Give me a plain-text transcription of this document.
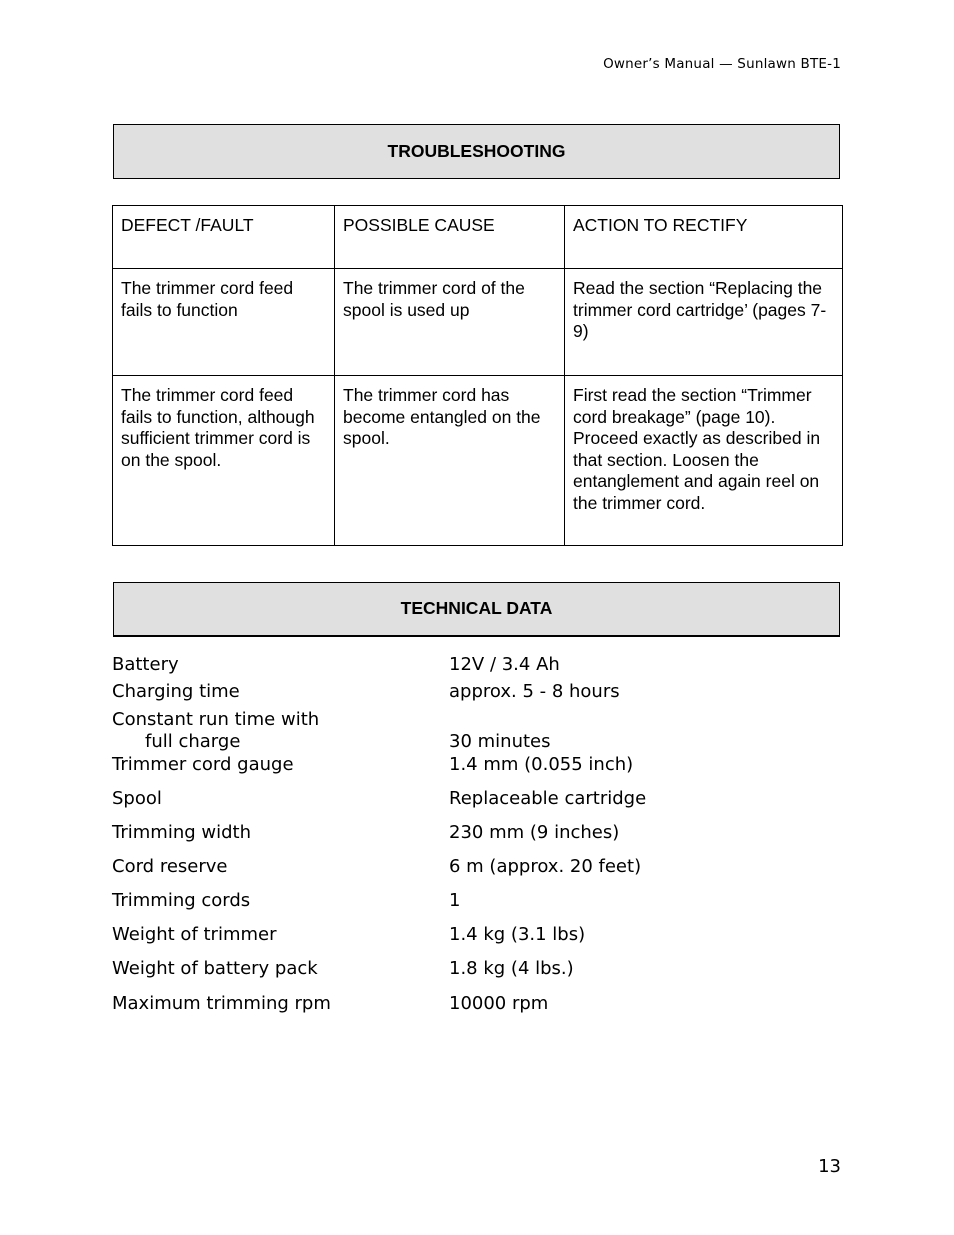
Owner’s Manual — Sunlawn BTE-1
TROUBLESHOOTING
DEFECT /FAULT	POSSIBLE CAUSE	ACTION TO RECTIFY
The trimmer cord feed fails to function	The trimmer cord of the spool is used up	Read the section “Replacing the trimmer cord cartridge’ (pages 7-9)
The trimmer cord feed fails to function, although sufficient trimmer cord is on the spool.	The trimmer cord has become entangled on the spool.	First read the section “Trimmer cord breakage” (page 10). Proceed exactly as described in that section. Loosen the entanglement and again reel on the trimmer cord.
TECHNICAL DATA
Battery	12V / 3.4 Ah
Charging time	approx. 5 - 8 hours
Constant run time with
full charge	30 minutes
Trimmer cord gauge	1.4 mm (0.055 inch)
Spool	Replaceable cartridge
Trimming width	230 mm (9 inches)
Cord reserve	6 m (approx. 20 feet)
Trimming cords	1
Weight of trimmer	1.4 kg (3.1 lbs)
Weight of battery pack	1.8 kg (4 lbs.)
Maximum trimming rpm	10000 rpm
13
